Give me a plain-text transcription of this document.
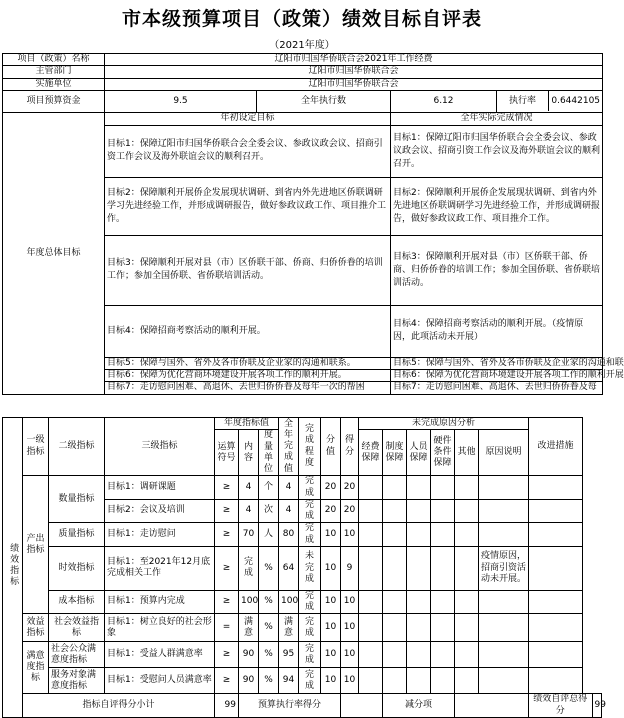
市本级预算项目（政策）绩效目标自评表
（2021年度）
项目（政策）名称	辽阳市归国华侨联合会2021年工作经费			
主管部门	辽阳市归国华侨联合会			
实施单位	辽阳市归国华侨联合会			
项目预算资金	9.5	全年执行数	6.12	执行率 0.6442105

年度总体目标	年初设定目标		全年实际完成情况	
	目标1：保障辽阳市归国华侨联合会全委会议、参政议政会议、招商引资工作会议及海外联谊会议的顺利召开。		目标1：保障辽阳市归国华侨联合会全委会议、参政议政会议、招商引资工作会议及海外联谊会议的顺利召开。	
	目标2：保障顺利开展侨企发展现状调研、到省内外先进地区侨联调研学习先进经验工作，并形成调研报告，做好参政议政工作、项目推介工作。		目标2：保障顺利开展侨企发展现状调研、到省内外先进地区侨联调研学习先进经验工作，并形成调研报告，做好参政议政工作、项目推介工作。	
	目标3：保障顺利开展对县（市）区侨联干部、侨商、归侨侨眷的培训工作；参加全国侨联、省侨联培训活动。		目标3：保障顺利开展对县（市）区侨联干部、侨商、归侨侨眷的培训工作；参加全国侨联、省侨联培训活动。	
	目标4：保障招商考察活动的顺利开展。		目标4：保障招商考察活动的顺利开展。（疫情原因，此项活动未开展）	
	目标5：保障与国外、省外及各市侨联及企业家的沟通和联系。		目标5：保障与国外、省外及各市侨联及企业家的沟通和联	
	目标6：保障为优化营商环境建设开展各项工作的顺利开展。		目标6：保障为优化营商环境建设开展各项工作的顺利开展	
	目标7：走访慰问困难、高退休、去世归侨侨眷及每年一次的帮困		目标7：走访慰问困难、高退休、去世归侨侨眷及每	
绩效指标	一级指标	二级指标	三级指标	年度指标值			全年完成值	完成程度	分值	得分	未完成原因分析						改进措施	
				运算符号	内容	度量单位					经费保障	制度保障	人员保障	硬件条件保障	其他	原因说明		
	产出指标	数量指标	目标1：调研课题	≥	4	个	4	完成	20	20								
			目标2：会议及培训	≥	4	次	4	完成	20	20								
		质量指标	目标1：走访慰问	≥	70	人	80	完成	10	10								
		时效指标	目标1：至2021年12月底完成相关工作	≥	完成	%	64	未完成	10	9						疫情原因，招商引资活动未开展。		
		成本指标	目标1：预算内完成	≥	100	%	100	完成	10	10								
	效益指标	社会效益指标	目标1：树立良好的社会形象	=	满意	%	满意	完成	10	10								
	满意度指标	社会公众满意度指标	目标1：受益人群满意率	≥	90	%	95	完成	10	10								
		服务对象满意度指标	目标1：受慰问人员满意率	≥	90	%	94	完成	10	10								
	指标自评得分小计			99	预算执行率得分							减分项					绩效自评总得分	99
